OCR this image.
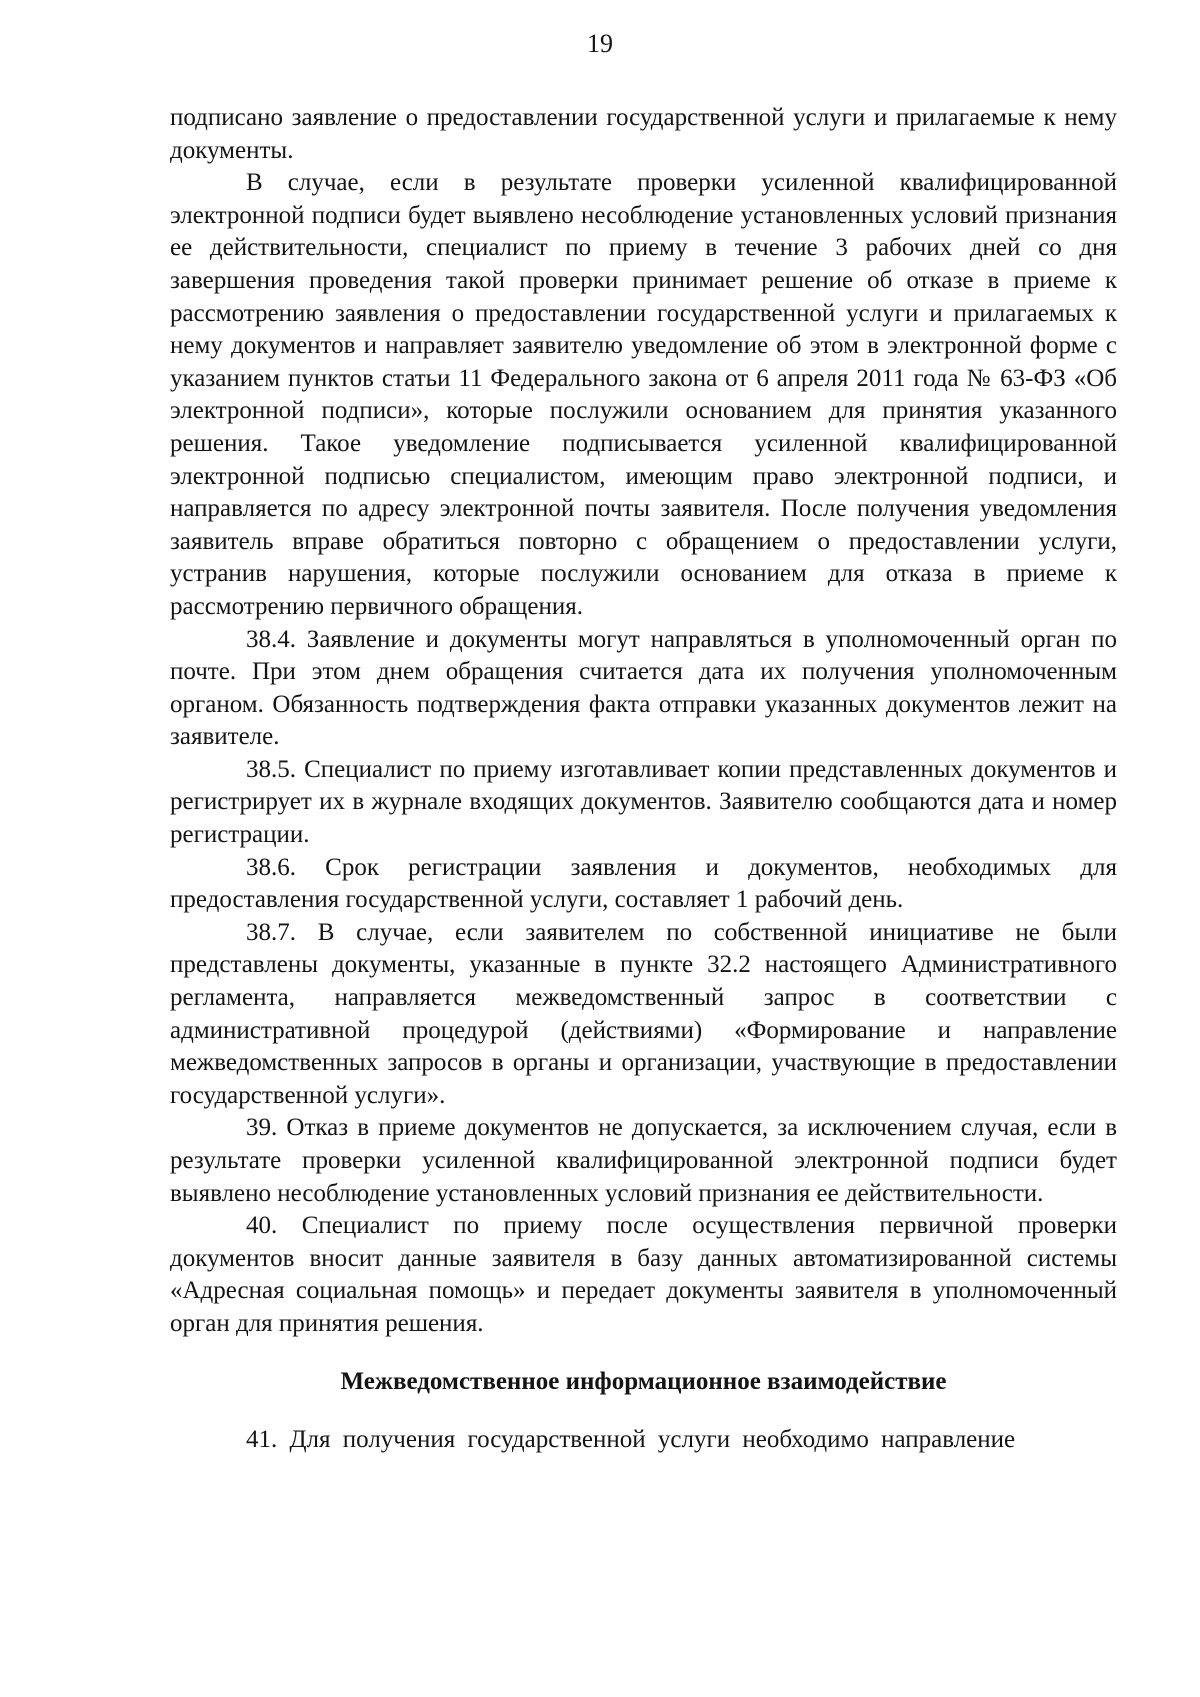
19

подписано заявление о предоставлении государственной услуги и прилагаемые к нему документы.

В случае, если в результате проверки усиленной квалифицированной электронной подписи будет выявлено несоблюдение установленных условий признания ее действительности, специалист по приему в течение 3 рабочих дней со дня завершения проведения такой проверки принимает решение об отказе в приеме к рассмотрению заявления о предоставлении государственной услуги и прилагаемых к нему документов и направляет заявителю уведомление об этом в электронной форме с указанием пунктов статьи 11 Федерального закона от 6 апреля 2011 года № 63-ФЗ «Об электронной подписи», которые послужили основанием для принятия указанного решения. Такое уведомление подписывается усиленной квалифицированной электронной подписью специалистом, имеющим право электронной подписи, и направляется по адресу электронной почты заявителя. После получения уведомления заявитель вправе обратиться повторно с обращением о предоставлении услуги, устранив нарушения, которые послужили основанием для отказа в приеме к рассмотрению первичного обращения.

38.4. Заявление и документы могут направляться в уполномоченный орган по почте. При этом днем обращения считается дата их получения уполномоченным органом. Обязанность подтверждения факта отправки указанных документов лежит на заявителе.

38.5. Специалист по приему изготавливает копии представленных документов и регистрирует их в журнале входящих документов. Заявителю сообщаются дата и номер регистрации.

38.6. Срок регистрации заявления и документов, необходимых для предоставления государственной услуги, составляет 1 рабочий день.

38.7. В случае, если заявителем по собственной инициативе не были представлены документы, указанные в пункте 32.2 настоящего Административного регламента, направляется межведомственный запрос в соответствии с административной процедурой (действиями) «Формирование и направление межведомственных запросов в органы и организации, участвующие в предоставлении государственной услуги».

39. Отказ в приеме документов не допускается, за исключением случая, если в результате проверки усиленной квалифицированной электронной подписи будет выявлено несоблюдение установленных условий признания ее действительности.

40. Специалист по приему после осуществления первичной проверки документов вносит данные заявителя в базу данных автоматизированной системы «Адресная социальная помощь» и передает документы заявителя в уполномоченный орган для принятия решения.

Межведомственное информационное взаимодействие

41. Для получения государственной услуги необходимо направление
